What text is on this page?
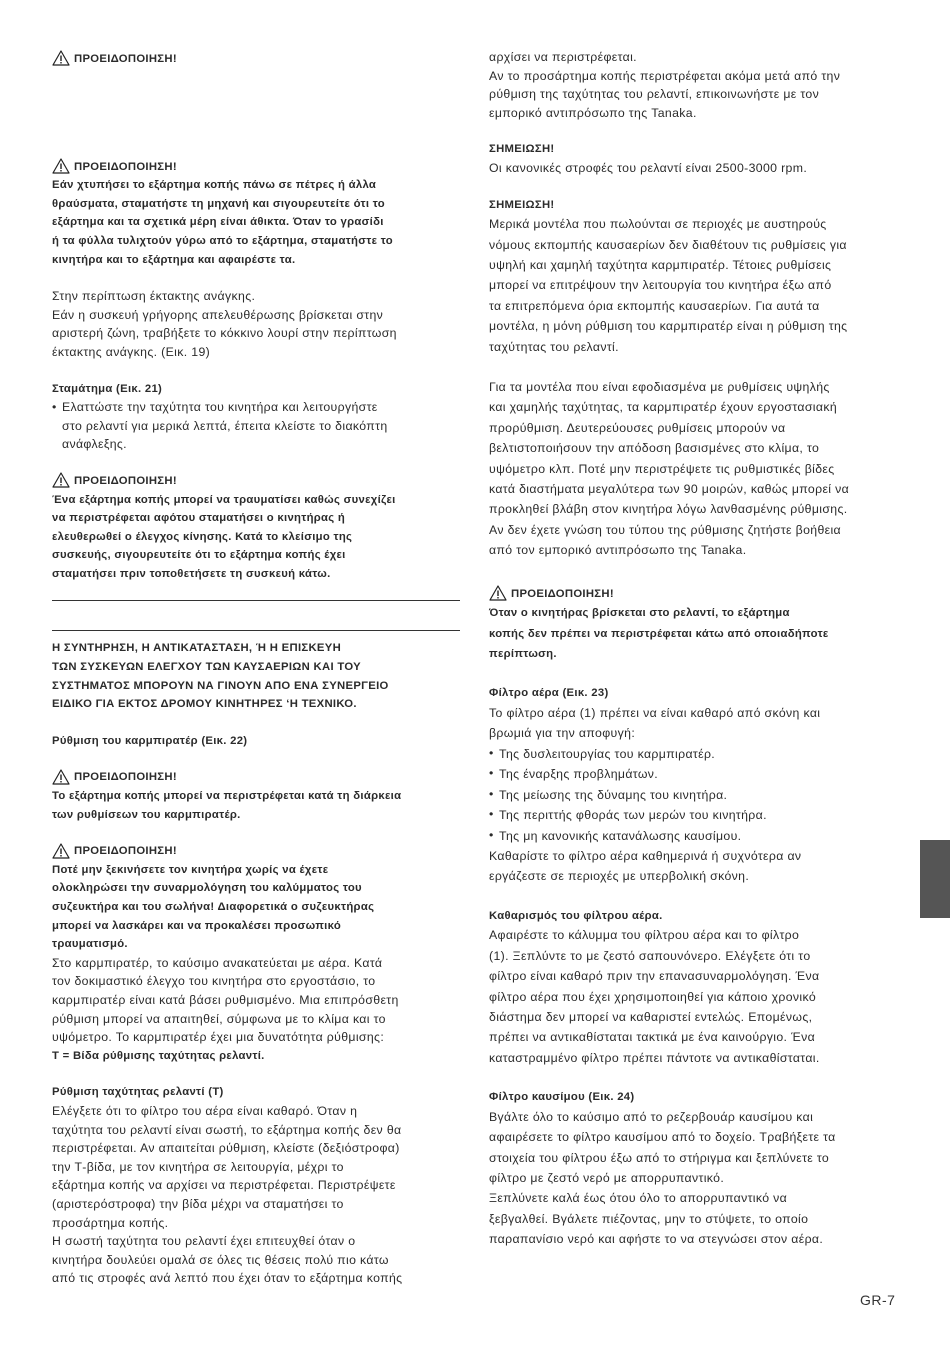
ΠΡΟΕΙΔΟΠΟΙΗΣΗ!
ΠΡΟΕΙΔΟΠΟΙΗΣΗ!

Εάν χτυπήσει το εξάρτημα κοπής πάνω σε πέτρες ή άλλα

θραύσματα, σταματήστε τη μηχανή και σιγουρευτείτε ότι το

εξάρτημα και τα σχετικά μέρη είναι άθικτα. Όταν το γρασίδι

ή τα φύλλα τυλιχτούν γύρω από το εξάρτημα, σταματήστε το

κινητήρα και το εξάρτημα και αφαιρέστε τα.

Στην περίπτωση έκτακτης ανάγκης.

Εάν η συσκευή γρήγορης απελευθέρωσης βρίσκεται στην

αριστερή ζώνη, τραβήξετε το κόκκινο λουρί στην περίπτωση

έκτακτης ανάγκης. (Εικ. 19)

Σταμάτημα (Εικ. 21)

• Ελαττώστε την ταχύτητα του κινητήρα και λειτουργήστε

στο ρελαντί για μερικά λεπτά, έπειτα κλείστε το διακόπτη

ανάφλεξης.

ΠΡΟΕΙΔΟΠΟΙΗΣΗ!

Ένα εξάρτημα κοπής μπορεί να τραυματίσει καθώς συνεχίζει

να περιστρέφεται αφότου σταματήσει ο κινητήρας ή

ελευθερωθεί ο έλεγχος κίνησης. Κατά το κλείσιμο της

συσκευής, σιγουρευτείτε ότι το εξάρτημα κοπής έχει

σταματήσει πριν τοποθετήσετε τη συσκευή κάτω.

Η ΣΥΝΤΗΡΗΣΗ, Η ΑΝΤΙΚΑΤΑΣΤΑΣΗ, Ή Η ΕΠΙΣΚΕΥΗ

ΤΩΝ ΣΥΣΚΕΥΩΝ ΕΛΕΓΧΟΥ ΤΩΝ ΚΑΥΣΑΕΡΙΩΝ ΚΑΙ ΤΟΥ

ΣΥΣΤΗΜΑΤΟΣ ΜΠΟΡΟΥΝ ΝΑ ΓΙΝΟΥΝ ΑΠΟ ΕΝΑ ΣΥΝΕΡΓΕΙΟ

ΕΙΔΙΚΟ ΓΙΑ ΕΚΤΟΣ ΔΡΟΜΟΥ ΚΙΝΗΤΗΡΕΣ ‘Η ΤΕΧΝΙΚΟ.

Ρύθμιση του καρμπιρατέρ (Εικ. 22)

ΠΡΟΕΙΔΟΠΟΙΗΣΗ!

Το εξάρτημα κοπής μπορεί να περιστρέφεται κατά τη διάρκεια

των ρυθμίσεων του καρμπιρατέρ.

ΠΡΟΕΙΔΟΠΟΙΗΣΗ!

Ποτέ μην ξεκινήσετε τον κινητήρα χωρίς να έχετε

ολοκληρώσει την συναρμολόγηση του καλύμματος του

συζευκτήρα και του σωλήνα! Διαφορετικά ο συζευκτήρας

μπορεί να λασκάρει και να προκαλέσει προσωπικό

τραυματισμό.

Στο καρμπιρατέρ, το καύσιμο ανακατεύεται με αέρα. Κατά

τον δοκιμαστικό έλεγχο του κινητήρα στο εργοστάσιο, το

καρμπιρατέρ είναι κατά βάσει ρυθμισμένο. Μια επιπρόσθετη

ρύθμιση μπορεί να απαιτηθεί, σύμφωνα με το κλίμα και το

υψόμετρο. Το καρμπιρατέρ έχει μια δυνατότητα ρύθμισης:

T = Βίδα ρύθμισης ταχύτητας ρελαντί.

Ρύθμιση ταχύτητας ρελαντί (T)

Ελέγξετε ότι το φίλτρο του αέρα είναι καθαρό. Όταν η

ταχύτητα του ρελαντί είναι σωστή, το εξάρτημα κοπής δεν θα

περιστρέφεται. Αν απαιτείται ρύθμιση, κλείστε (δεξιόστροφα)

την Τ-βίδα, με τον κινητήρα σε λειτουργία, μέχρι το

εξάρτημα κοπής να αρχίσει να περιστρέφεται. Περιστρέψετε

(αριστερόστροφα) την βίδα μέχρι να σταματήσει το

προσάρτημα κοπής.

Η σωστή ταχύτητα του ρελαντί έχει επιτευχθεί όταν ο

κινητήρα δουλεύει ομαλά σε όλες τις θέσεις πολύ πιο κάτω

από τις στροφές ανά λεπτό που έχει όταν το εξάρτημα κοπής

αρχίσει να περιστρέφεται.

Αν το προσάρτημα κοπής περιστρέφεται ακόμα μετά από την

ρύθμιση της ταχύτητας του ρελαντί, επικοινωνήστε με τον

εμπορικό αντιπρόσωπο της Tanaka.

ΣΗΜΕΙΩΣΗ!

Οι κανονικές στροφές του ρελαντί είναι 2500-3000 rpm.

ΣΗΜΕΙΩΣΗ!

Μερικά μοντέλα που πωλούνται σε περιοχές με αυστηρούς

νόμους εκπομπής καυσαερίων δεν διαθέτουν τις ρυθμίσεις για

υψηλή και χαμηλή ταχύτητα καρμπιρατέρ. Τέτοιες ρυθμίσεις

μπορεί να επιτρέψουν την λειτουργία του κινητήρα έξω από

τα επιτρεπόμενα όρια εκπομπής καυσαερίων. Για αυτά τα

μοντέλα, η μόνη ρύθμιση του καρμπιρατέρ είναι η ρύθμιση της

ταχύτητας του ρελαντί.

Για τα μοντέλα που είναι εφοδιασμένα με ρυθμίσεις υψηλής

και χαμηλής ταχύτητας, τα καρμπιρατέρ έχουν εργοστασιακή

προρύθμιση. Δευτερεύουσες ρυθμίσεις μπορούν να

βελτιστοποιήσουν την απόδοση βασισμένες στο κλίμα, το

υψόμετρο κλπ. Ποτέ μην περιστρέψετε τις ρυθμιστικές βίδες

κατά διαστήματα μεγαλύτερα των 90 μοιρών, καθώς μπορεί να

προκληθεί βλάβη στον κινητήρα λόγω λανθασμένης ρύθμισης.

Αν δεν έχετε γνώση του τύπου της ρύθμισης ζητήστε βοήθεια

από τον εμπορικό αντιπρόσωπο της Tanaka.

ΠΡΟΕΙΔΟΠΟΙΗΣΗ!

Όταν ο κινητήρας βρίσκεται στο ρελαντί, το εξάρτημα

κοπής δεν πρέπει να περιστρέφεται κάτω από οποιαδήποτε

περίπτωση.

Φίλτρο αέρα (Εικ. 23)

Το φίλτρο αέρα (1) πρέπει να είναι καθαρό από σκόνη και

βρωμιά για την αποφυγή:

• Της δυσλειτουργίας του καρμπιρατέρ.

• Της έναρξης προβλημάτων.

• Της μείωσης της δύναμης του κινητήρα.

• Της περιττής φθοράς των μερών του κινητήρα.

• Της μη κανονικής κατανάλωσης καυσίμου.

Καθαρίστε το φίλτρο αέρα καθημερινά ή συχνότερα αν

εργάζεστε σε περιοχές με υπερβολική σκόνη.

Καθαρισμός του φίλτρου αέρα.

Αφαιρέστε το κάλυμμα του φίλτρου αέρα και το φίλτρο

(1). Ξεπλύντε το με ζεστό σαπουνόνερο. Ελέγξετε ότι το

φίλτρο είναι καθαρό πριν την επανασυναρμολόγηση. Ένα

φίλτρο αέρα που έχει χρησιμοποιηθεί για κάποιο χρονικό

διάστημα δεν μπορεί να καθαριστεί εντελώς. Επομένως,

πρέπει να αντικαθίσταται τακτικά με ένα καινούργιο. Ένα

καταστραμμένο φίλτρο πρέπει πάντοτε να αντικαθίσταται.

Φίλτρο καυσίμου (Εικ. 24)

Βγάλτε όλο το καύσιμο από το ρεζερβουάρ καυσίμου και

αφαιρέσετε το φίλτρο καυσίμου από το δοχείο. Τραβήξετε τα

στοιχεία του φίλτρου έξω από το στήριγμα και ξεπλύνετε το

φίλτρο με ζεστό νερό με απορρυπαντικό.

Ξεπλύνετε καλά έως ότου όλο το απορρυπαντικό να

ξεβγαλθεί. Βγάλετε πιέζοντας, μην το στύψετε, το οποίο

παραπανίσιο νερό και αφήστε το να στεγνώσει στον αέρα.

GR-7
